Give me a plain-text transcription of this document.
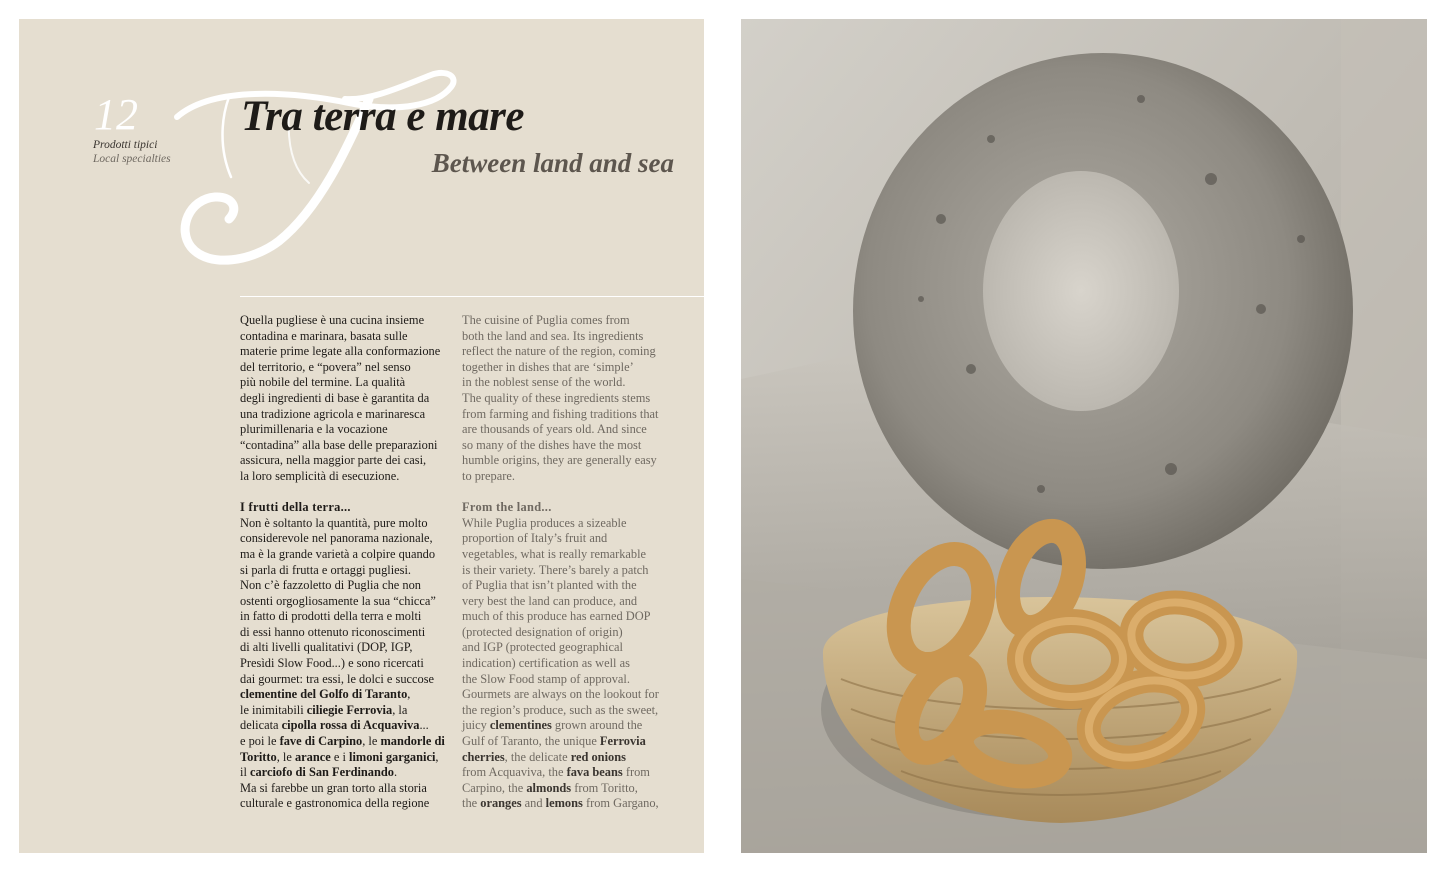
12
Prodotti tipici
Local specialties
Tra terra e mare
Between land and sea

Quella pugliese è una cucina insieme
contadina e marinara, basata sulle
materie prime legate alla conformazione
del territorio, e “povera” nel senso
più nobile del termine. La qualità
degli ingredienti di base è garantita da
una tradizione agricola e marinaresca
plurimillenaria e la vocazione
“contadina” alla base delle preparazioni
assicura, nella maggior parte dei casi,
la loro semplicità di esecuzione.

I frutti della terra...
Non è soltanto la quantità, pure molto
considerevole nel panorama nazionale,
ma è la grande varietà a colpire quando
si parla di frutta e ortaggi pugliesi.
Non c’è fazzoletto di Puglia che non
ostenti orgogliosamente la sua “chicca”
in fatto di prodotti della terra e molti
di essi hanno ottenuto riconoscimenti
di alti livelli qualitativi (DOP, IGP,
Presìdi Slow Food...) e sono ricercati
dai gourmet: tra essi, le dolci e succose
clementine del Golfo di Taranto,
le inimitabili ciliegie Ferrovia, la
delicata cipolla rossa di Acquaviva...
e poi le fave di Carpino, le mandorle di
Toritto, le arance e i limoni garganici,
il carciofo di San Ferdinando.
Ma si farebbe un gran torto alla storia
culturale e gastronomica della regione

The cuisine of Puglia comes from
both the land and sea. Its ingredients
reflect the nature of the region, coming
together in dishes that are ‘simple’
in the noblest sense of the world.
The quality of these ingredients stems
from farming and fishing traditions that
are thousands of years old. And since
so many of the dishes have the most
humble origins, they are generally easy
to prepare.

From the land...
While Puglia produces a sizeable
proportion of Italy’s fruit and
vegetables, what is really remarkable
is their variety. There’s barely a patch
of Puglia that isn’t planted with the
very best the land can produce, and
much of this produce has earned DOP
(protected designation of origin)
and IGP (protected geographical
indication) certification as well as
the Slow Food stamp of approval.
Gourmets are always on the lookout for
the region’s produce, such as the sweet,
juicy clementines grown around the
Gulf of Taranto, the unique Ferrovia
cherries, the delicate red onions
from Acquaviva, the fava beans from
Carpino, the almonds from Toritto,
the oranges and lemons from Gargano,
